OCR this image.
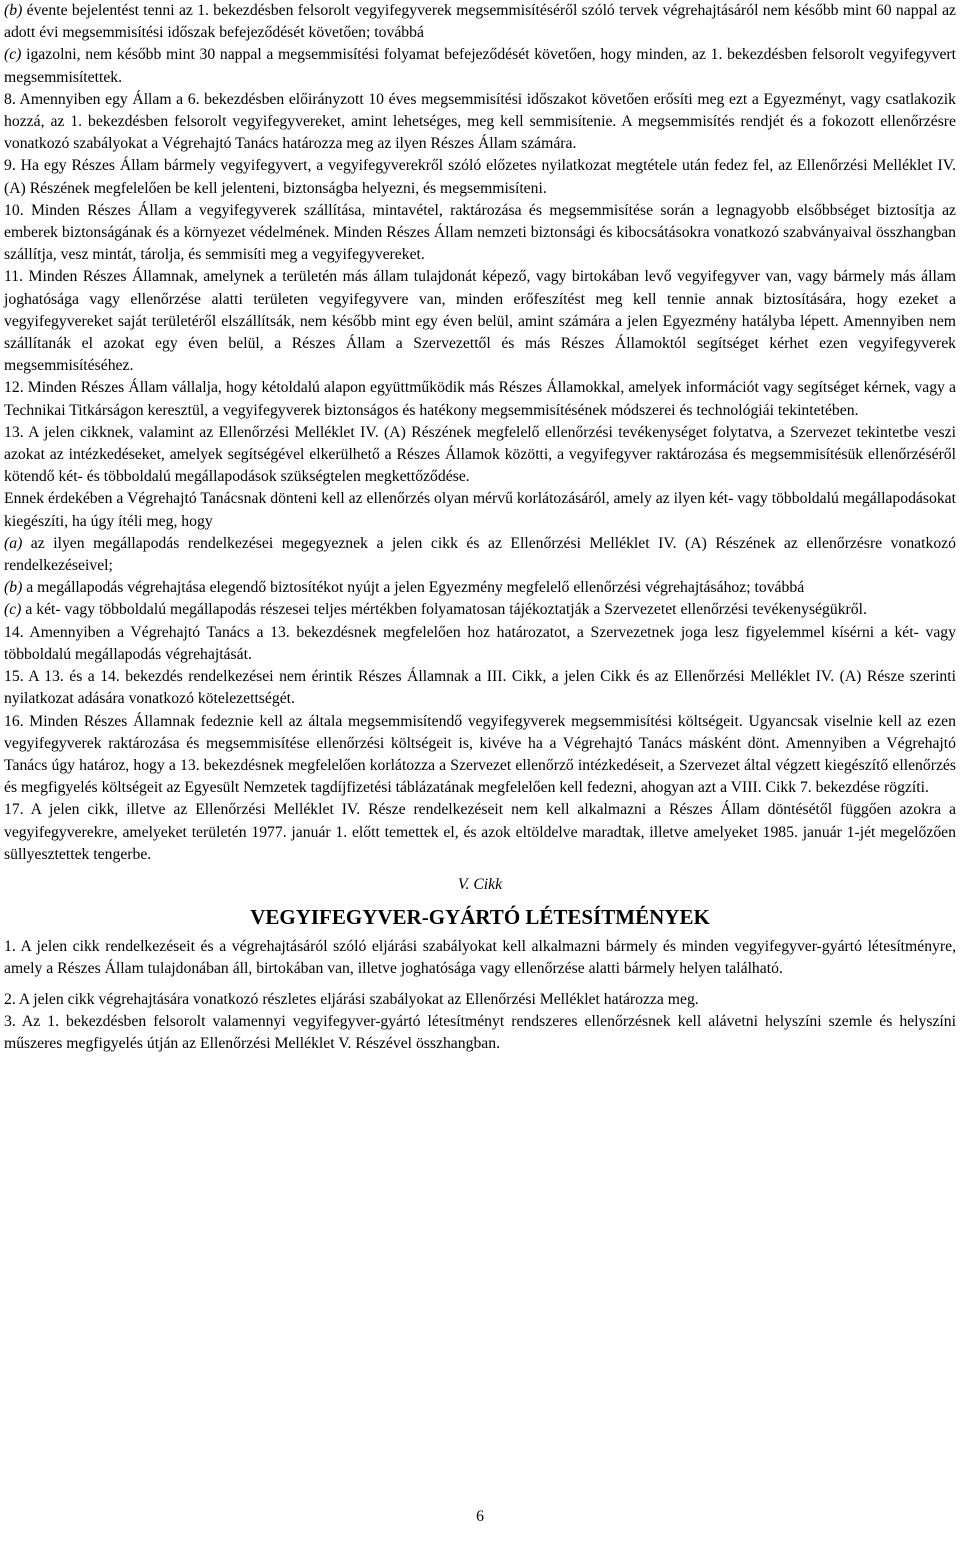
(b) évente bejelentést tenni az 1. bekezdésben felsorolt vegyifegyverek megsemmisítéséről szóló tervek végrehajtásáról nem később mint 60 nappal az adott évi megsemmisítési időszak befejeződését követően; továbbá

(c) igazolni, nem később mint 30 nappal a megsemmisítési folyamat befejeződését követően, hogy minden, az 1. bekezdésben felsorolt vegyifegyvert megsemmisítettek.

8. Amennyiben egy Állam a 6. bekezdésben előirányzott 10 éves megsemmisítési időszakot követően erősíti meg ezt a Egyezményt, vagy csatlakozik hozzá, az 1. bekezdésben felsorolt vegyifegyvereket, amint lehetséges, meg kell semmisítenie. A megsemmisítés rendjét és a fokozott ellenőrzésre vonatkozó szabályokat a Végrehajtó Tanács határozza meg az ilyen Részes Állam számára.

9. Ha egy Részes Állam bármely vegyifegyvert, a vegyifegyverekről szóló előzetes nyilatkozat megtétele után fedez fel, az Ellenőrzési Melléklet IV. (A) Részének megfelelően be kell jelenteni, biztonságba helyezni, és megsemmisíteni.

10. Minden Részes Állam a vegyifegyverek szállítása, mintavétel, raktározása és megsemmisítése során a legnagyobb elsőbbséget biztosítja az emberek biztonságának és a környezet védelmének. Minden Részes Állam nemzeti biztonsági és kibocsátásokra vonatkozó szabványaival összhangban szállítja, vesz mintát, tárolja, és semmisíti meg a vegyifegyvereket.

11. Minden Részes Államnak, amelynek a területén más állam tulajdonát képező, vagy birtokában levő vegyifegyver van, vagy bármely más állam joghatósága vagy ellenőrzése alatti területen vegyifegyvere van, minden erőfeszítést meg kell tennie annak biztosítására, hogy ezeket a vegyifegyvereket saját területéről elszállítsák, nem később mint egy éven belül, amint számára a jelen Egyezmény hatályba lépett. Amennyiben nem szállítanák el azokat egy éven belül, a Részes Állam a Szervezettől és más Részes Államoktól segítséget kérhet ezen vegyifegyverek megsemmisítéséhez.

12. Minden Részes Állam vállalja, hogy kétoldalú alapon együttműködik más Részes Államokkal, amelyek információt vagy segítséget kérnek, vagy a Technikai Titkárságon keresztül, a vegyifegyverek biztonságos és hatékony megsemmisítésének módszerei és technológiái tekintetében.

13. A jelen cikknek, valamint az Ellenőrzési Melléklet IV. (A) Részének megfelelő ellenőrzési tevékenységet folytatva, a Szervezet tekintetbe veszi azokat az intézkedéseket, amelyek segítségével elkerülhető a Részes Államok közötti, a vegyifegyver raktározása és megsemmisítésük ellenőrzéséről kötendő két- és többoldalú megállapodások szükségtelen megkettőződése.

Ennek érdekében a Végrehajtó Tanácsnak dönteni kell az ellenőrzés olyan mérvű korlátozásáról, amely az ilyen két- vagy többoldalú megállapodásokat kiegészíti, ha úgy ítéli meg, hogy

(a) az ilyen megállapodás rendelkezései megegyeznek a jelen cikk és az Ellenőrzési Melléklet IV. (A) Részének az ellenőrzésre vonatkozó rendelkezéseivel;

(b) a megállapodás végrehajtása elegendő biztosítékot nyújt a jelen Egyezmény megfelelő ellenőrzési végrehajtásához; továbbá

(c) a két- vagy többoldalú megállapodás részesei teljes mértékben folyamatosan tájékoztatják a Szervezetet ellenőrzési tevékenységükről.

14. Amennyiben a Végrehajtó Tanács a 13. bekezdésnek megfelelően hoz határozatot, a Szervezetnek joga lesz figyelemmel kísérni a két- vagy többoldalú megállapodás végrehajtását.

15. A 13. és a 14. bekezdés rendelkezései nem érintik Részes Államnak a III. Cikk, a jelen Cikk és az Ellenőrzési Melléklet IV. (A) Része szerinti nyilatkozat adására vonatkozó kötelezettségét.

16. Minden Részes Államnak fedeznie kell az általa megsemmisítendő vegyifegyverek megsemmisítési költségeit. Ugyancsak viselnie kell az ezen vegyifegyverek raktározása és megsemmisítése ellenőrzési költségeit is, kivéve ha a Végrehajtó Tanács másként dönt. Amennyiben a Végrehajtó Tanács úgy határoz, hogy a 13. bekezdésnek megfelelően korlátozza a Szervezet ellenőrző intézkedéseit, a Szervezet által végzett kiegészítő ellenőrzés és megfigyelés költségeit az Egyesült Nemzetek tagdíjfizetési táblázatának megfelelően kell fedezni, ahogyan azt a VIII. Cikk 7. bekezdése rögzíti.

17. A jelen cikk, illetve az Ellenőrzési Melléklet IV. Része rendelkezéseit nem kell alkalmazni a Részes Állam döntésétől függően azokra a vegyifegyverekre, amelyeket területén 1977. január 1. előtt temettek el, és azok eltöldelve maradtak, illetve amelyeket 1985. január 1-jét megelőzően süllyesztettek tengerbe.

V. Cikk
VEGYIFEGYVER-GYÁRTÓ LÉTESÍTMÉNYEK

1. A jelen cikk rendelkezéseit és a végrehajtásáról szóló eljárási szabályokat kell alkalmazni bármely és minden vegyifegyver-gyártó létesítményre, amely a Részes Állam tulajdonában áll, birtokában van, illetve joghatósága vagy ellenőrzése alatti bármely helyen található.

2. A jelen cikk végrehajtására vonatkozó részletes eljárási szabályokat az Ellenőrzési Melléklet határozza meg.

3. Az 1. bekezdésben felsorolt valamennyi vegyifegyver-gyártó létesítményt rendszeres ellenőrzésnek kell alávetni helyszíni szemle és helyszíni műszeres megfigyelés útján az Ellenőrzési Melléklet V. Részével összhangban.

6
